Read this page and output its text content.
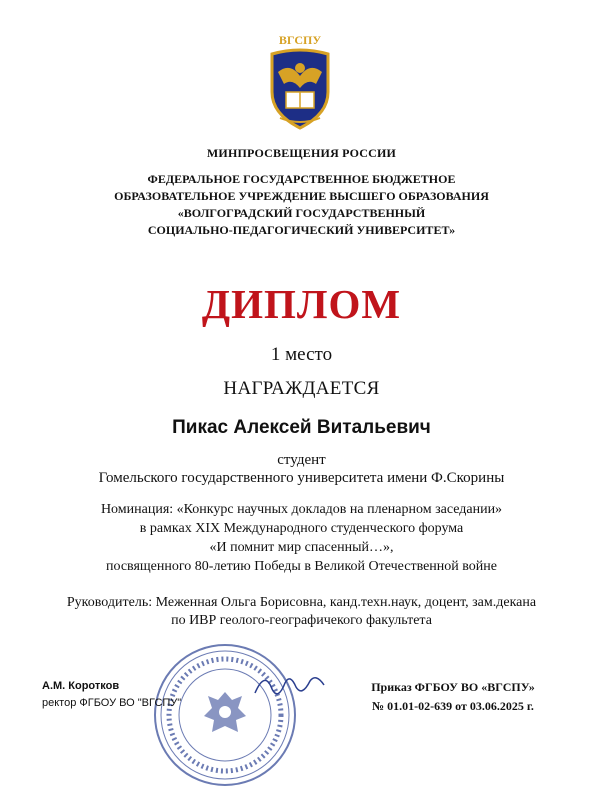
ВГСПУ
МИНПРОСВЕЩЕНИЯ РОССИИ
ФЕДЕРАЛЬНОЕ ГОСУДАРСТВЕННОЕ БЮДЖЕТНОЕ
ОБРАЗОВАТЕЛЬНОЕ УЧРЕЖДЕНИЕ ВЫСШЕГО ОБРАЗОВАНИЯ
«ВОЛГОГРАДСКИЙ ГОСУДАРСТВЕННЫЙ
СОЦИАЛЬНО-ПЕДАГОГИЧЕСКИЙ УНИВЕРСИТЕТ»
ДИПЛОМ
1 место
НАГРАЖДАЕТСЯ
Пикас Алексей Витальевич
студент
Гомельского государственного университета имени Ф.Скорины
Номинация: «Конкурс научных докладов на пленарном заседании»
в рамках XIX Международного студенческого форума
«И помнит мир спасенный…»,
посвященного 80-летию Победы в Великой Отечественной войне
Руководитель: Меженная Ольга Борисовна, канд.техн.наук, доцент, зам.декана
по ИВР геолого-географичекого факультета
А.М. Коротков
ректор ФГБОУ ВО "ВГСПУ"
Приказ ФГБОУ ВО «ВГСПУ»
№ 01.01-02-639 от 03.06.2025 г.
